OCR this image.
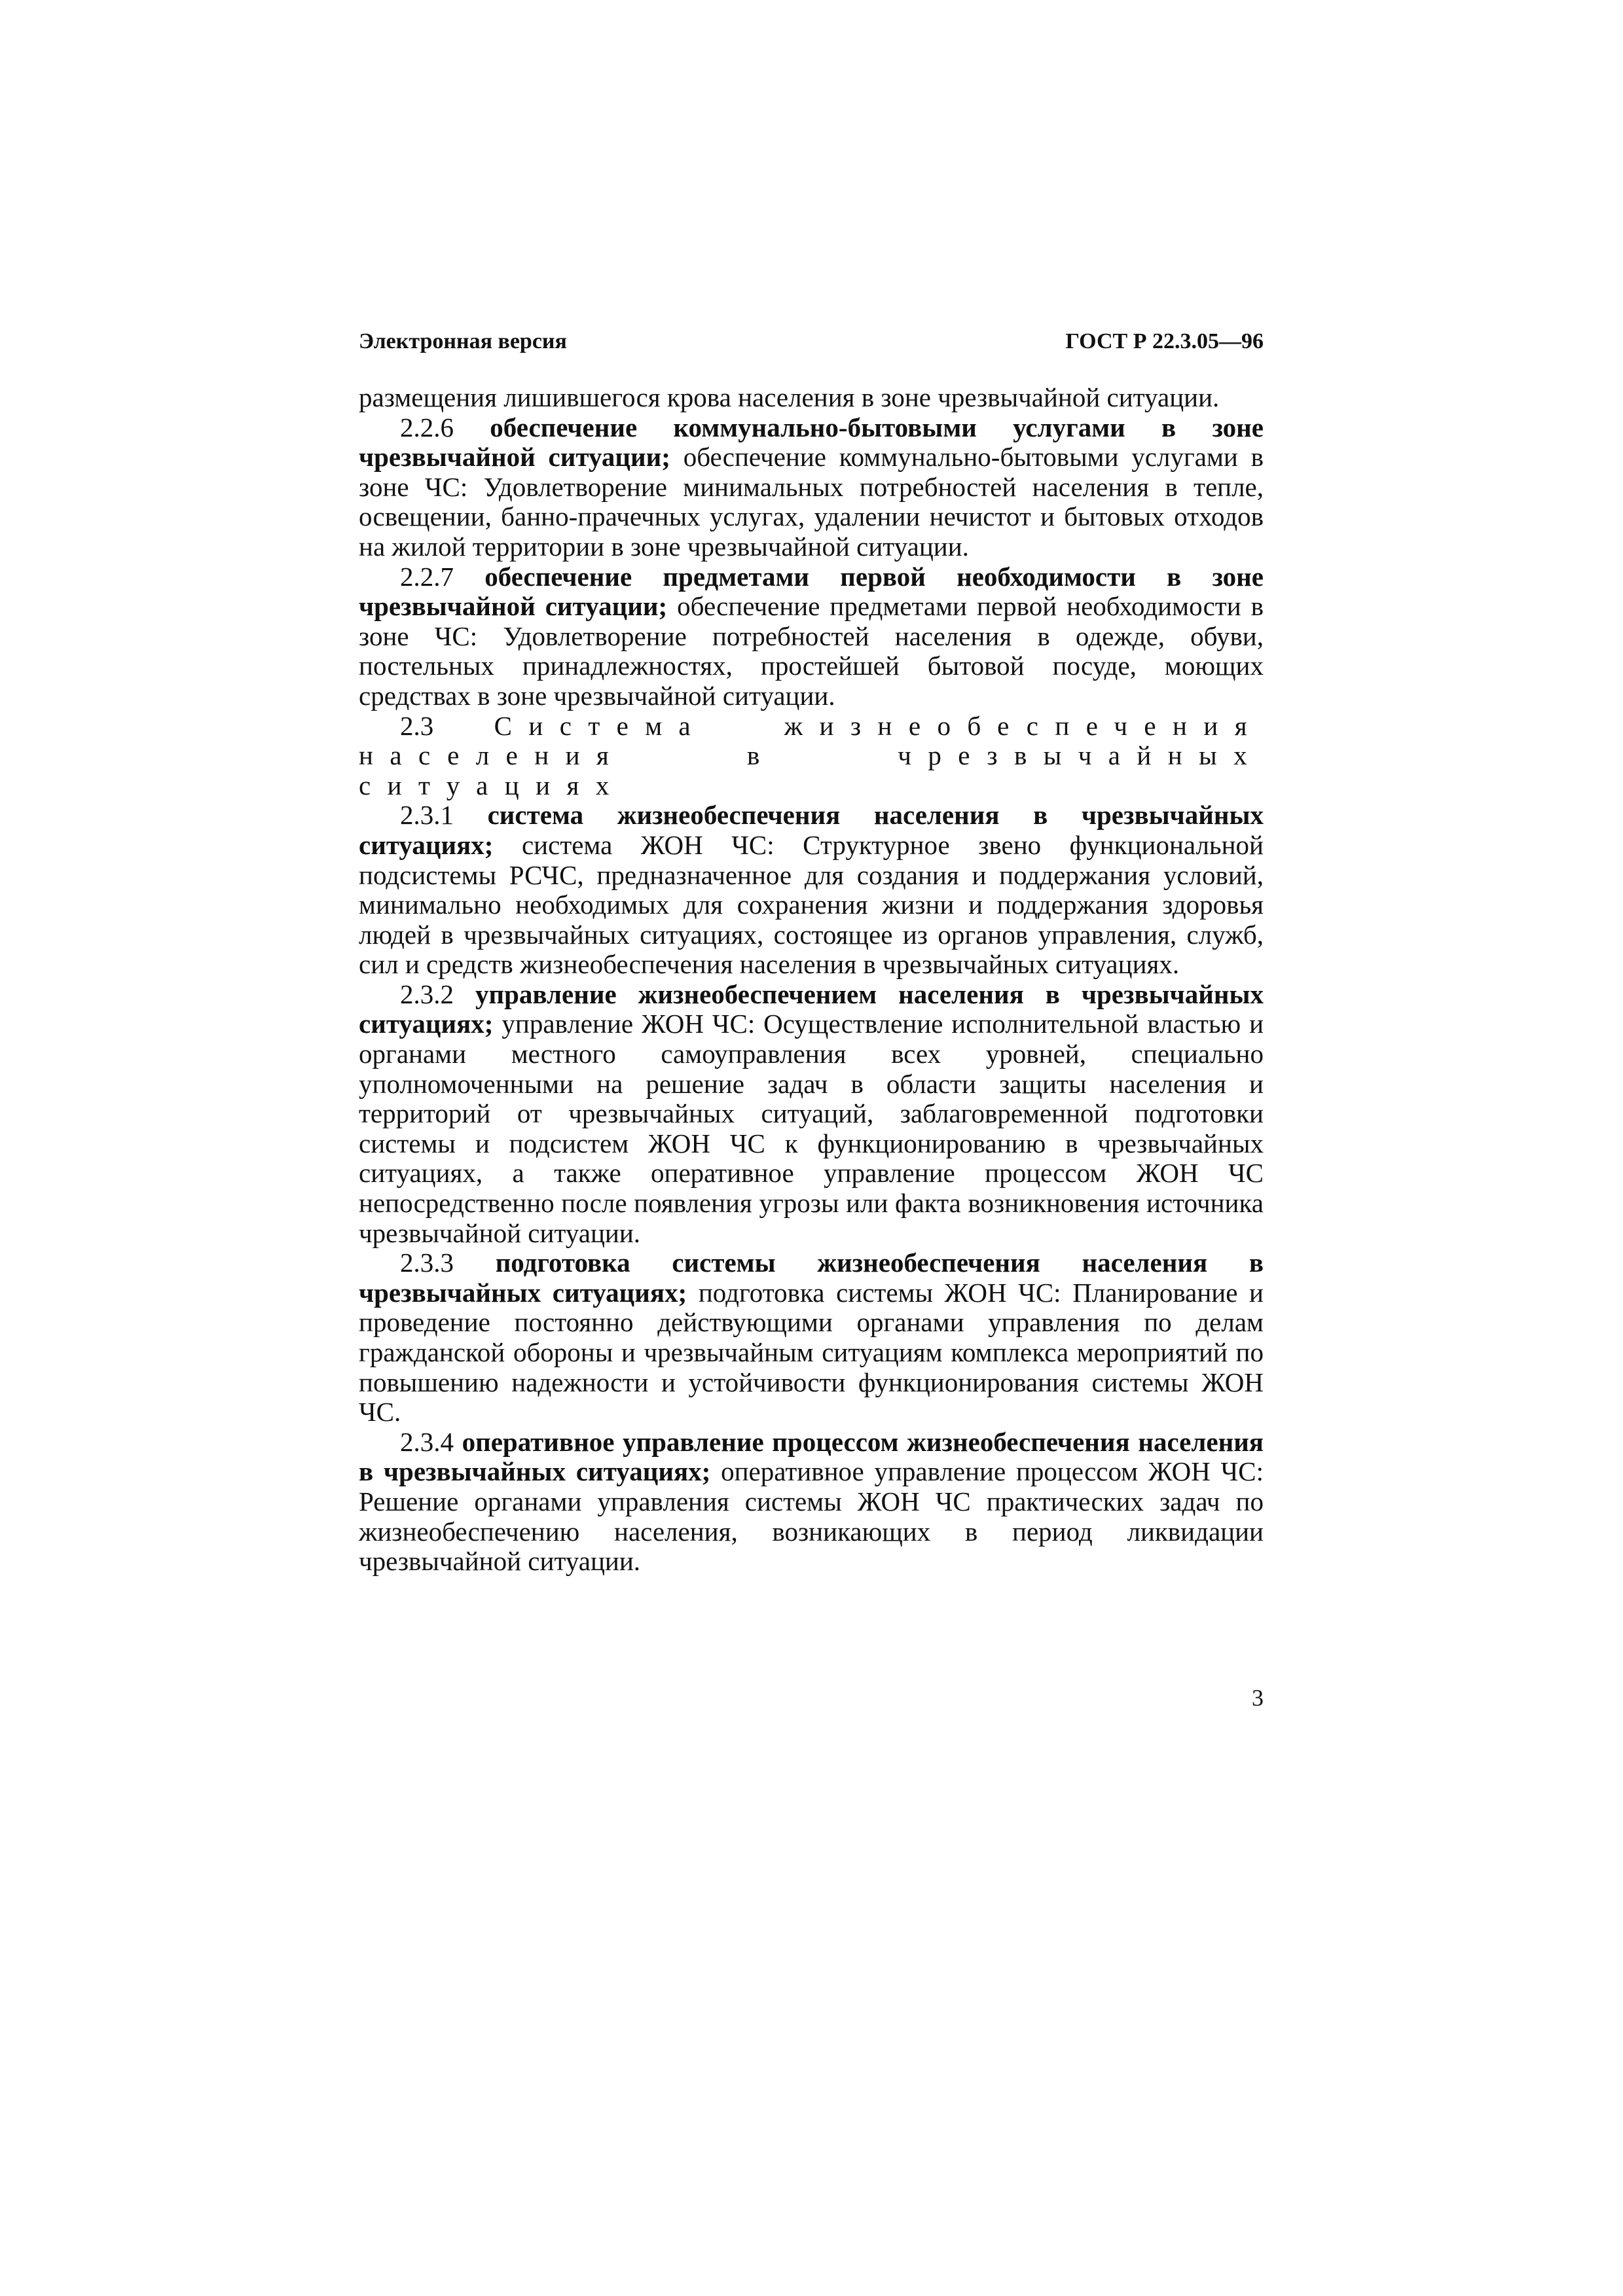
Электронная версия	ГОСТ Р 22.3.05—96

размещения лишившегося крова населения в зоне чрезвычайной ситуации.

2.2.6 обеспечение коммунально-бытовыми услугами в зоне чрезвычайной ситуации; обеспечение коммунально-бытовыми услугами в зоне ЧС: Удовлетворение минимальных потребностей населения в тепле, освещении, банно-прачечных услугах, удалении нечистот и бытовых отходов на жилой территории в зоне чрезвычайной ситуации.

2.2.7 обеспечение предметами первой необходимости в зоне чрезвычайной ситуации; обеспечение предметами первой необходимости в зоне ЧС: Удовлетворение потребностей населения в одежде, обуви, постельных принадлежностях, простейшей бытовой посуде, моющих средствах в зоне чрезвычайной ситуации.

2.3 Система жизнеобеспечения населения в чрезвычайных ситуациях

2.3.1 система жизнеобеспечения населения в чрезвычайных ситуациях; система ЖОН ЧС: Структурное звено функциональной подсистемы РСЧС, предназначенное для создания и поддержания условий, минимально необходимых для сохранения жизни и поддержания здоровья людей в чрезвычайных ситуациях, состоящее из органов управления, служб, сил и средств жизнеобеспечения населения в чрезвычайных ситуациях.

2.3.2 управление жизнеобеспечением населения в чрезвычайных ситуациях; управление ЖОН ЧС: Осуществление исполнительной властью и органами местного самоуправления всех уровней, специально уполномоченными на решение задач в области защиты населения и территорий от чрезвычайных ситуаций, заблаговременной подготовки системы и подсистем ЖОН ЧС к функционированию в чрезвычайных ситуациях, а также оперативное управление процессом ЖОН ЧС непосредственно после появления угрозы или факта возникновения источника чрезвычайной ситуации.

2.3.3 подготовка системы жизнеобеспечения населения в чрезвычайных ситуациях; подготовка системы ЖОН ЧС: Планирование и проведение постоянно действующими органами управления по делам гражданской обороны и чрезвычайным ситуациям комплекса мероприятий по повышению надежности и устойчивости функционирования системы ЖОН ЧС.

2.3.4 оперативное управление процессом жизнеобеспечения населения в чрезвычайных ситуациях; оперативное управление процессом ЖОН ЧС: Решение органами управления системы ЖОН ЧС практических задач по жизнеобеспечению населения, возникающих в период ликвидации чрезвычайной ситуации.

3
